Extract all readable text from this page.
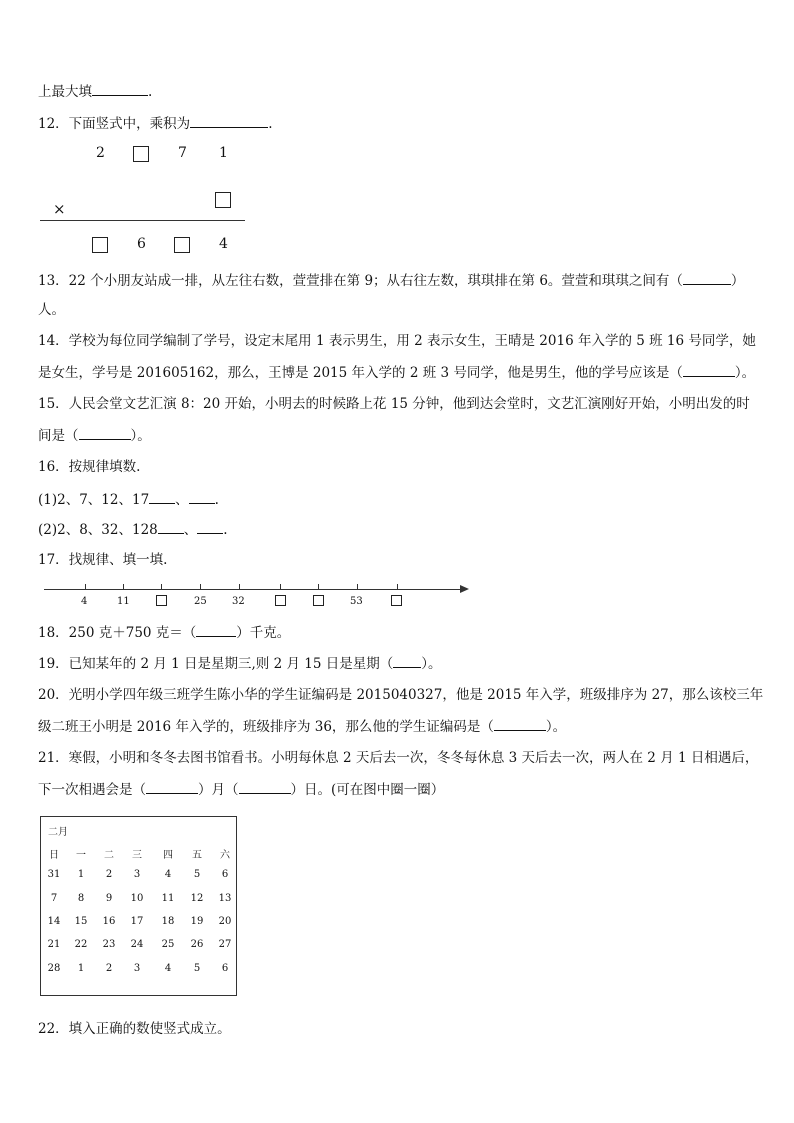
上最大填	.
12．下面竖式中，乘积为	.
2	7 1
×
6	4
13．22 个小朋友站成一排，从左往右数，萱萱排在第 9；从右往左数，琪琪排在第 6。萱萱和琪琪之间有（	）
人。
14．学校为每位同学编制了学号，设定末尾用 1 表示男生，用 2 表示女生，王晴是 2016 年入学的 5 班 16 号同学，她
是女生，学号是 201605162，那么，王博是 2015 年入学的 2 班 3 号同学，他是男生，他的学号应该是（	）。
15．人民会堂文艺汇演 8：20 开始，小明去的时候路上花 15 分钟，他到达会堂时，文艺汇演刚好开始，小明出发的时
间是（	）。
16．按规律填数.
(1)2、7、12、17 、 .
(2)2、8、32、128 、 .
17．找规律、填一填.
4	11	25	32	53
18．250 克＋750 克＝（	）千克。
19．已知某年的 2 月 1 日是星期三,则 2 月 15 日是星期（ ）。
20．光明小学四年级三班学生陈小华的学生证编码是 2015040327，他是 2015 年入学，班级排序为 27，那么该校三年
级二班王小明是 2016 年入学的，班级排序为 36，那么他的学生证编码是（	）。
21．寒假，小明和冬冬去图书馆看书。小明每休息 2 天后去一次，冬冬每休息 3 天后去一次，两人在 2 月 1 日相遇后，
下一次相遇会是（	）月（	）日。(可在图中圈一圈）
二月
日	一	二	三	四	五	六
31	1	2	3	4	5	6
7	8	9	10	11	12	13
14	15	16	17	18	19	20
21	22	23	24	25	26	27
28	1	2	3	4	5	6
22．填入正确的数使竖式成立。
